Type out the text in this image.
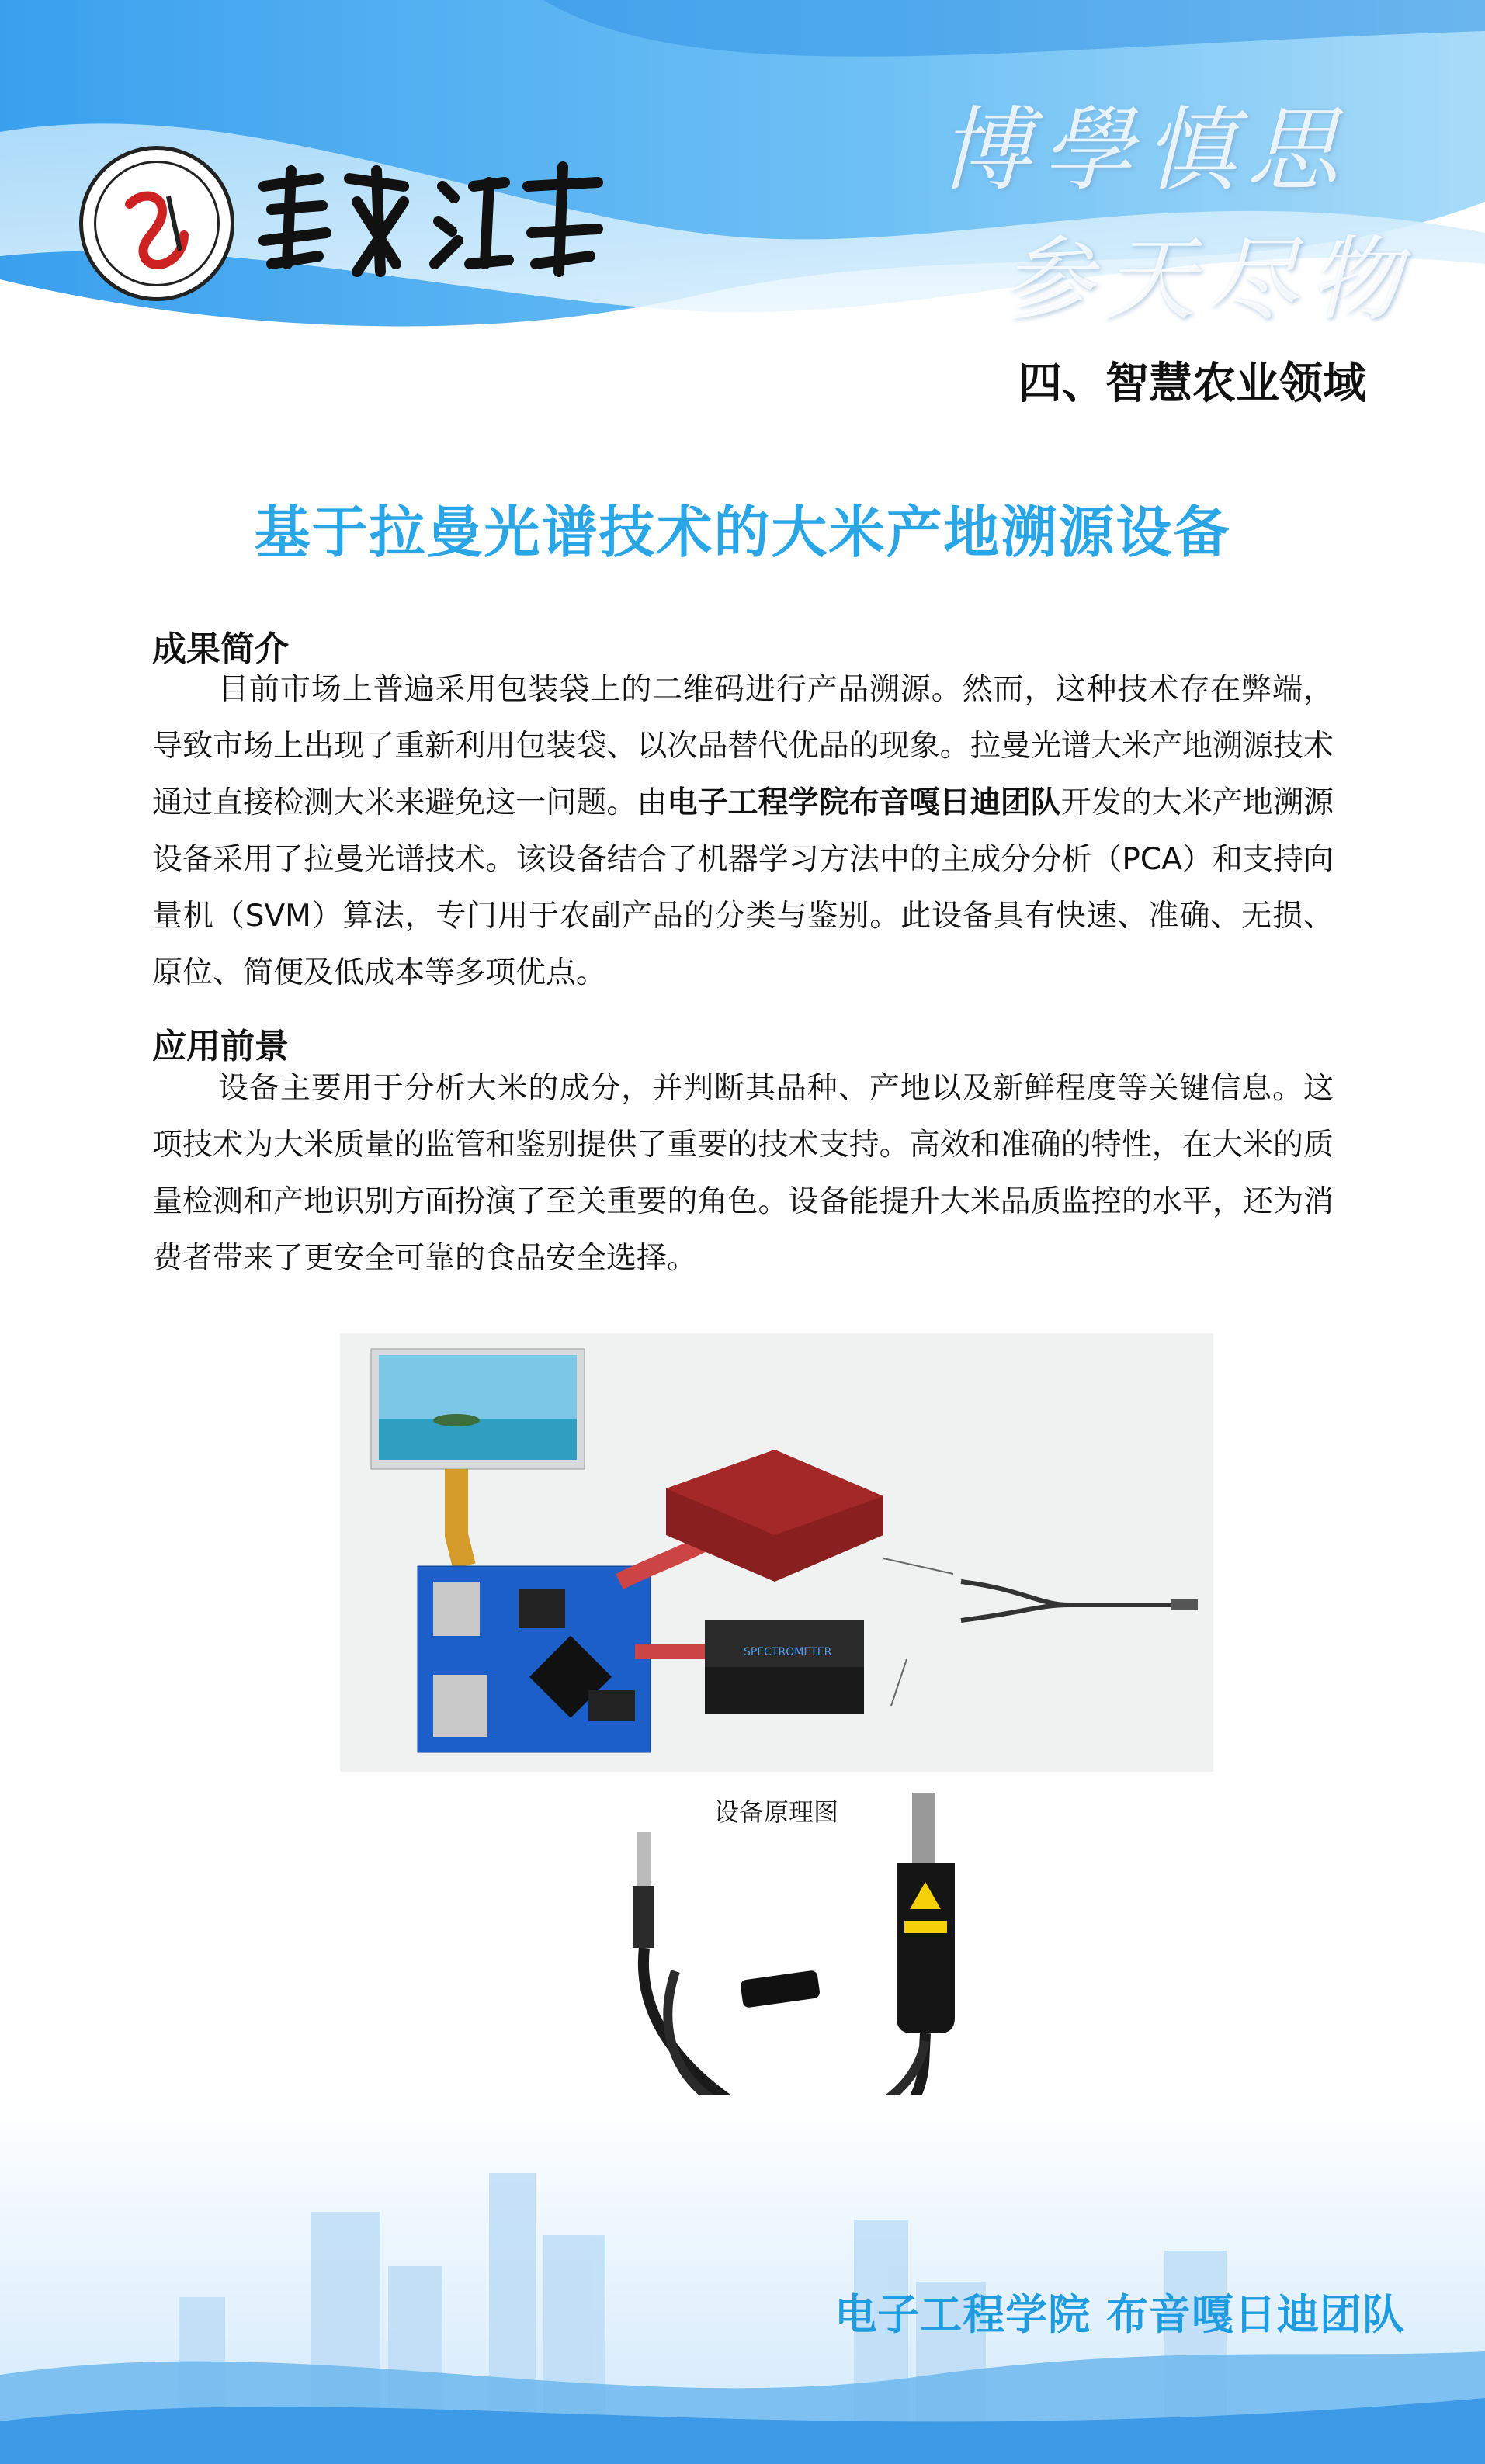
博學慎思
参天尽物
四、智慧农业领域
基于拉曼光谱技术的大米产地溯源设备
成果简介
目前市场上普遍采用包装袋上的二维码进行产品溯源。然而，这种技术存在弊端，导致市场上出现了重新利用包装袋、以次品替代优品的现象。拉曼光谱大米产地溯源技术通过直接检测大米来避免这一问题。由电子工程学院布音嘎日迪团队开发的大米产地溯源设备采用了拉曼光谱技术。该设备结合了机器学习方法中的主成分分析（PCA）和支持向量机（SVM）算法，专门用于农副产品的分类与鉴别。此设备具有快速、准确、无损、原位、简便及低成本等多项优点。
应用前景
设备主要用于分析大米的成分，并判断其品种、产地以及新鲜程度等关键信息。这项技术为大米质量的监管和鉴别提供了重要的技术支持。高效和准确的特性，在大米的质量检测和产地识别方面扮演了至关重要的角色。设备能提升大米品质监控的水平，还为消费者带来了更安全可靠的食品安全选择。
SPECTROMETER
设备原理图
电子工程学院 布音嘎日迪团队
